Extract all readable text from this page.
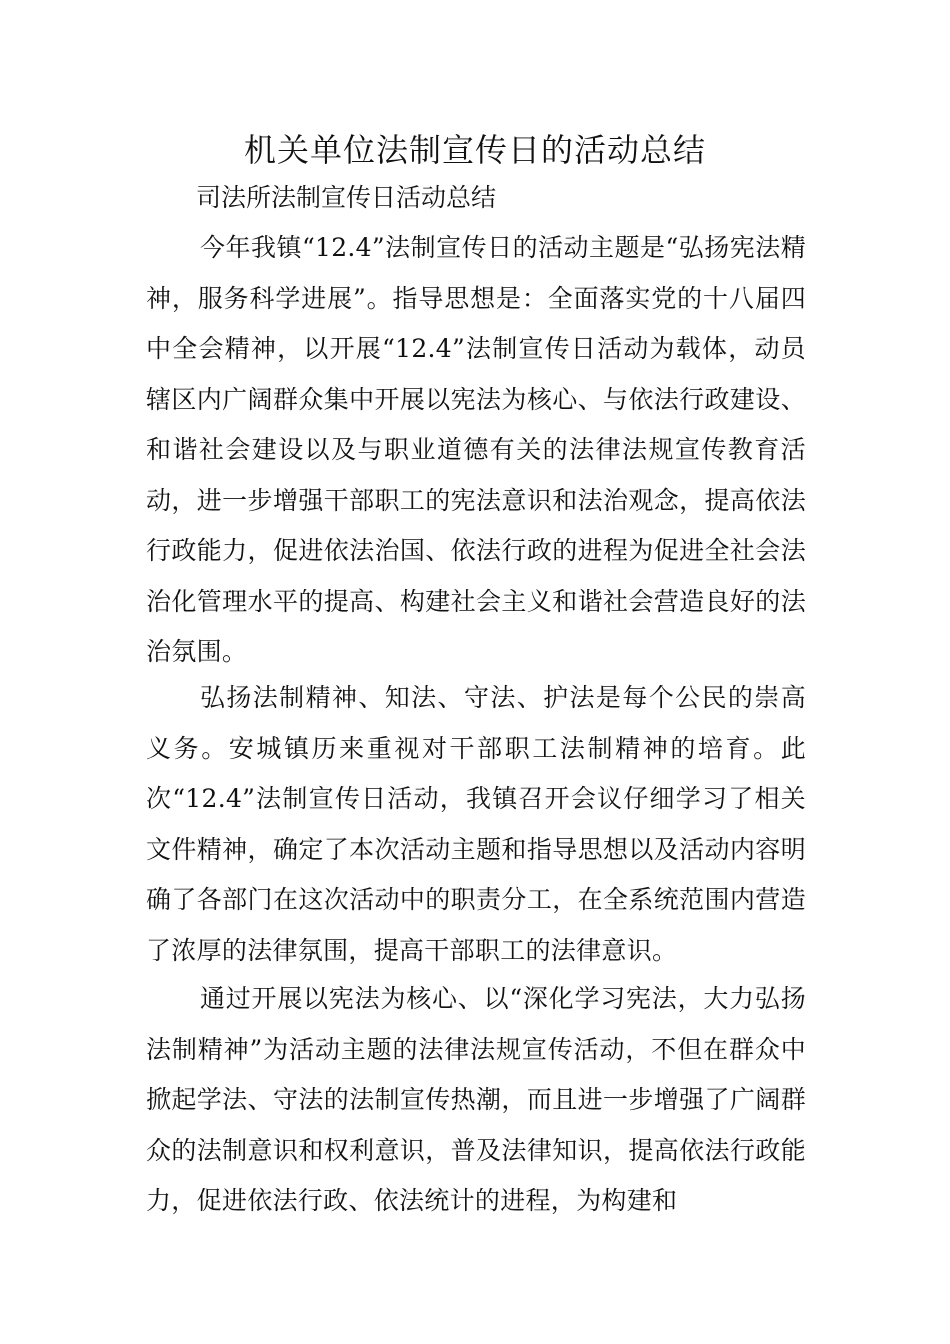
机关单位法制宣传日的活动总结

司法所法制宣传日活动总结

今年我镇“12.4”法制宣传日的活动主题是“弘扬宪法精神，服务科学进展”。指导思想是：全面落实党的十八届四中全会精神，以开展“12.4”法制宣传日活动为载体，动员辖区内广阔群众集中开展以宪法为核心、与依法行政建设、和谐社会建设以及与职业道德有关的法律法规宣传教育活动，进一步增强干部职工的宪法意识和法治观念，提高依法行政能力，促进依法治国、依法行政的进程为促进全社会法治化管理水平的提高、构建社会主义和谐社会营造良好的法治氛围。

弘扬法制精神、知法、守法、护法是每个公民的崇高义务。安城镇历来重视对干部职工法制精神的培育。此次“12.4”法制宣传日活动，我镇召开会议仔细学习了相关文件精神，确定了本次活动主题和指导思想以及活动内容明确了各部门在这次活动中的职责分工，在全系统范围内营造了浓厚的法律氛围，提高干部职工的法律意识。

通过开展以宪法为核心、以“深化学习宪法，大力弘扬法制精神”为活动主题的法律法规宣传活动，不但在群众中掀起学法、守法的法制宣传热潮，而且进一步增强了广阔群众的法制意识和权利意识，普及法律知识，提高依法行政能力，促进依法行政、依法统计的进程，为构建和
